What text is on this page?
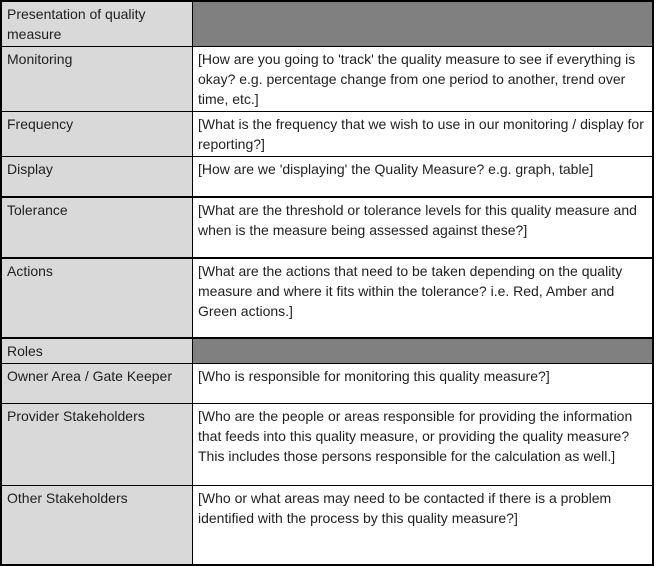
Presentation of quality measure	
Monitoring	[How are you going to 'track' the quality measure to see if everything is okay? e.g. percentage change from one period to another, trend over time, etc.]
Frequency	[What is the frequency that we wish to use in our monitoring / display for reporting?]
Display	[How are we 'displaying' the Quality Measure? e.g. graph, table]
Tolerance	[What are the threshold or tolerance levels for this quality measure and when is the measure being assessed against these?]
Actions	[What are the actions that need to be taken depending on the quality measure and where it fits within the tolerance? i.e. Red, Amber and Green actions.]
Roles	
Owner Area / Gate Keeper	[Who is responsible for monitoring this quality measure?]
Provider Stakeholders	[Who are the people or areas responsible for providing the information that feeds into this quality measure, or providing the quality measure? This includes those persons responsible for the calculation as well.]
Other Stakeholders	[Who or what areas may need to be contacted if there is a problem identified with the process by this quality measure?]
